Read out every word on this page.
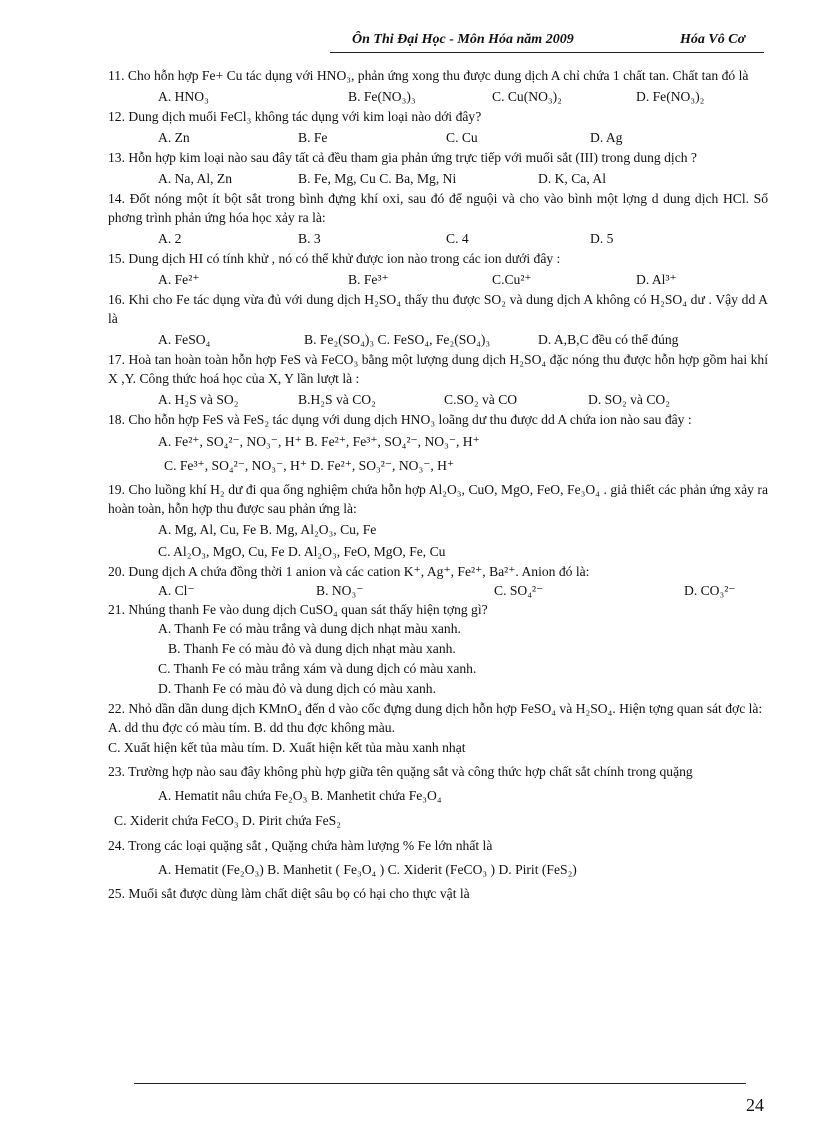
Ôn Thi Đại Học - Môn Hóa năm 2009	Hóa Vô Cơ
11. Cho hỗn hợp Fe+ Cu tác dụng với HNO₃, phản ứng xong thu được dung dịch A chỉ chứa 1 chất tan. Chất tan đó là
A. HNO₃	B. Fe(NO₃)₃	C. Cu(NO₃)₂	D. Fe(NO₃)₂
12. Dung dịch muối FeCl₃ không tác dụng với kim loại nào dới đây?
A. Zn	B. Fe	C. Cu	D. Ag
13. Hỗn hợp kim loại nào sau đây tất cả đều tham gia phản ứng trực tiếp với muối sắt (III) trong dung dịch ?
A. Na, Al, Zn	B. Fe, Mg, Cu C. Ba, Mg, Ni	D. K, Ca, Al
14. Đốt nóng một ít bột sắt trong bình đựng khí oxi, sau đó để nguội và cho vào bình một lợng d dung dịch HCl. Số phơng trình phản ứng hóa học xảy ra là:
A. 2	B. 3	C. 4	D. 5
15. Dung dịch HI có tính khử , nó có thể khử được ion nào trong các ion dưới đây :
A. Fe²⁺	B. Fe³⁺	C.Cu²⁺	D. Al³⁺
16. Khi cho Fe tác dụng vừa đủ với dung dịch H₂SO₄ thấy thu được SO₂ và dung dịch A không có H₂SO₄ dư . Vậy dd A là
A. FeSO₄	B. Fe₂(SO₄)₃ C. FeSO₄, Fe₂(SO₄)₃	D. A,B,C đều có thể đúng
17. Hoà tan hoàn toàn hỗn hợp FeS và FeCO₃ bằng một lượng dung dịch H₂SO₄ đặc nóng thu được hỗn hợp gồm hai khí X ,Y. Công thức hoá học của X, Y lần lượt là :
A. H₂S và SO₂	B.H₂S và CO₂	C.SO₂ và CO	D. SO₂ và CO₂
18. Cho hỗn hợp FeS và FeS₂ tác dụng với dung dịch HNO₃ loãng dư thu được dd A chứa ion nào sau đây :
A. Fe²⁺, SO₄²⁻, NO₃⁻, H⁺ B. Fe²⁺, Fe³⁺, SO₄²⁻, NO₃⁻, H⁺
C. Fe³⁺, SO₄²⁻, NO₃⁻, H⁺ D. Fe²⁺, SO₃²⁻, NO₃⁻, H⁺
19. Cho luồng khí H₂ dư đi qua ống nghiệm chứa hỗn hợp Al₂O₃, CuO, MgO, FeO, Fe₃O₄ . giả thiết các phản ứng xảy ra hoàn toàn, hỗn hợp thu được sau phản ứng là:
A. Mg, Al, Cu, Fe B. Mg, Al₂O₃, Cu, Fe
C. Al₂O₃, MgO, Cu, Fe D. Al₂O₃, FeO, MgO, Fe, Cu
20. Dung dịch A chứa đồng thời 1 anion và các cation K⁺, Ag⁺, Fe²⁺, Ba²⁺. Anion đó là:
A. Cl⁻	B. NO₃⁻	C. SO₄²⁻	D. CO₃²⁻
21. Nhúng thanh Fe vào dung dịch CuSO₄ quan sát thấy hiện tợng gì?
A. Thanh Fe có màu trắng và dung dịch nhạt màu xanh.
B. Thanh Fe có màu đỏ và dung dịch nhạt màu xanh.
C. Thanh Fe có màu trắng xám và dung dịch có màu xanh.
D. Thanh Fe có màu đỏ và dung dịch có màu xanh.
22. Nhỏ dần dần dung dịch KMnO₄ đến d vào cốc đựng dung dịch hỗn hợp FeSO₄ và H₂SO₄. Hiện tợng quan sát đợc là:
A. dd thu đợc có màu tím. B. dd thu đợc không màu.
C. Xuất hiện kết tủa màu tím. D. Xuất hiện kết tủa màu xanh nhạt
23. Trường hợp nào sau đây không phù hợp giữa tên quặng sắt và công thức hợp chất sắt chính trong quặng
A. Hematit nâu chứa Fe₂O₃ B. Manhetit chứa Fe₃O₄
C. Xiderit chứa FeCO₃ D. Pirit chứa FeS₂
24. Trong các loại quặng sắt , Quặng chứa hàm lượng % Fe lớn nhất là
A. Hematit (Fe₂O₃) B. Manhetit ( Fe₃O₄ ) C. Xiderit (FeCO₃ ) D. Pirit (FeS₂)
25. Muối sắt được dùng làm chất diệt sâu bọ có hại cho thực vật là
24
